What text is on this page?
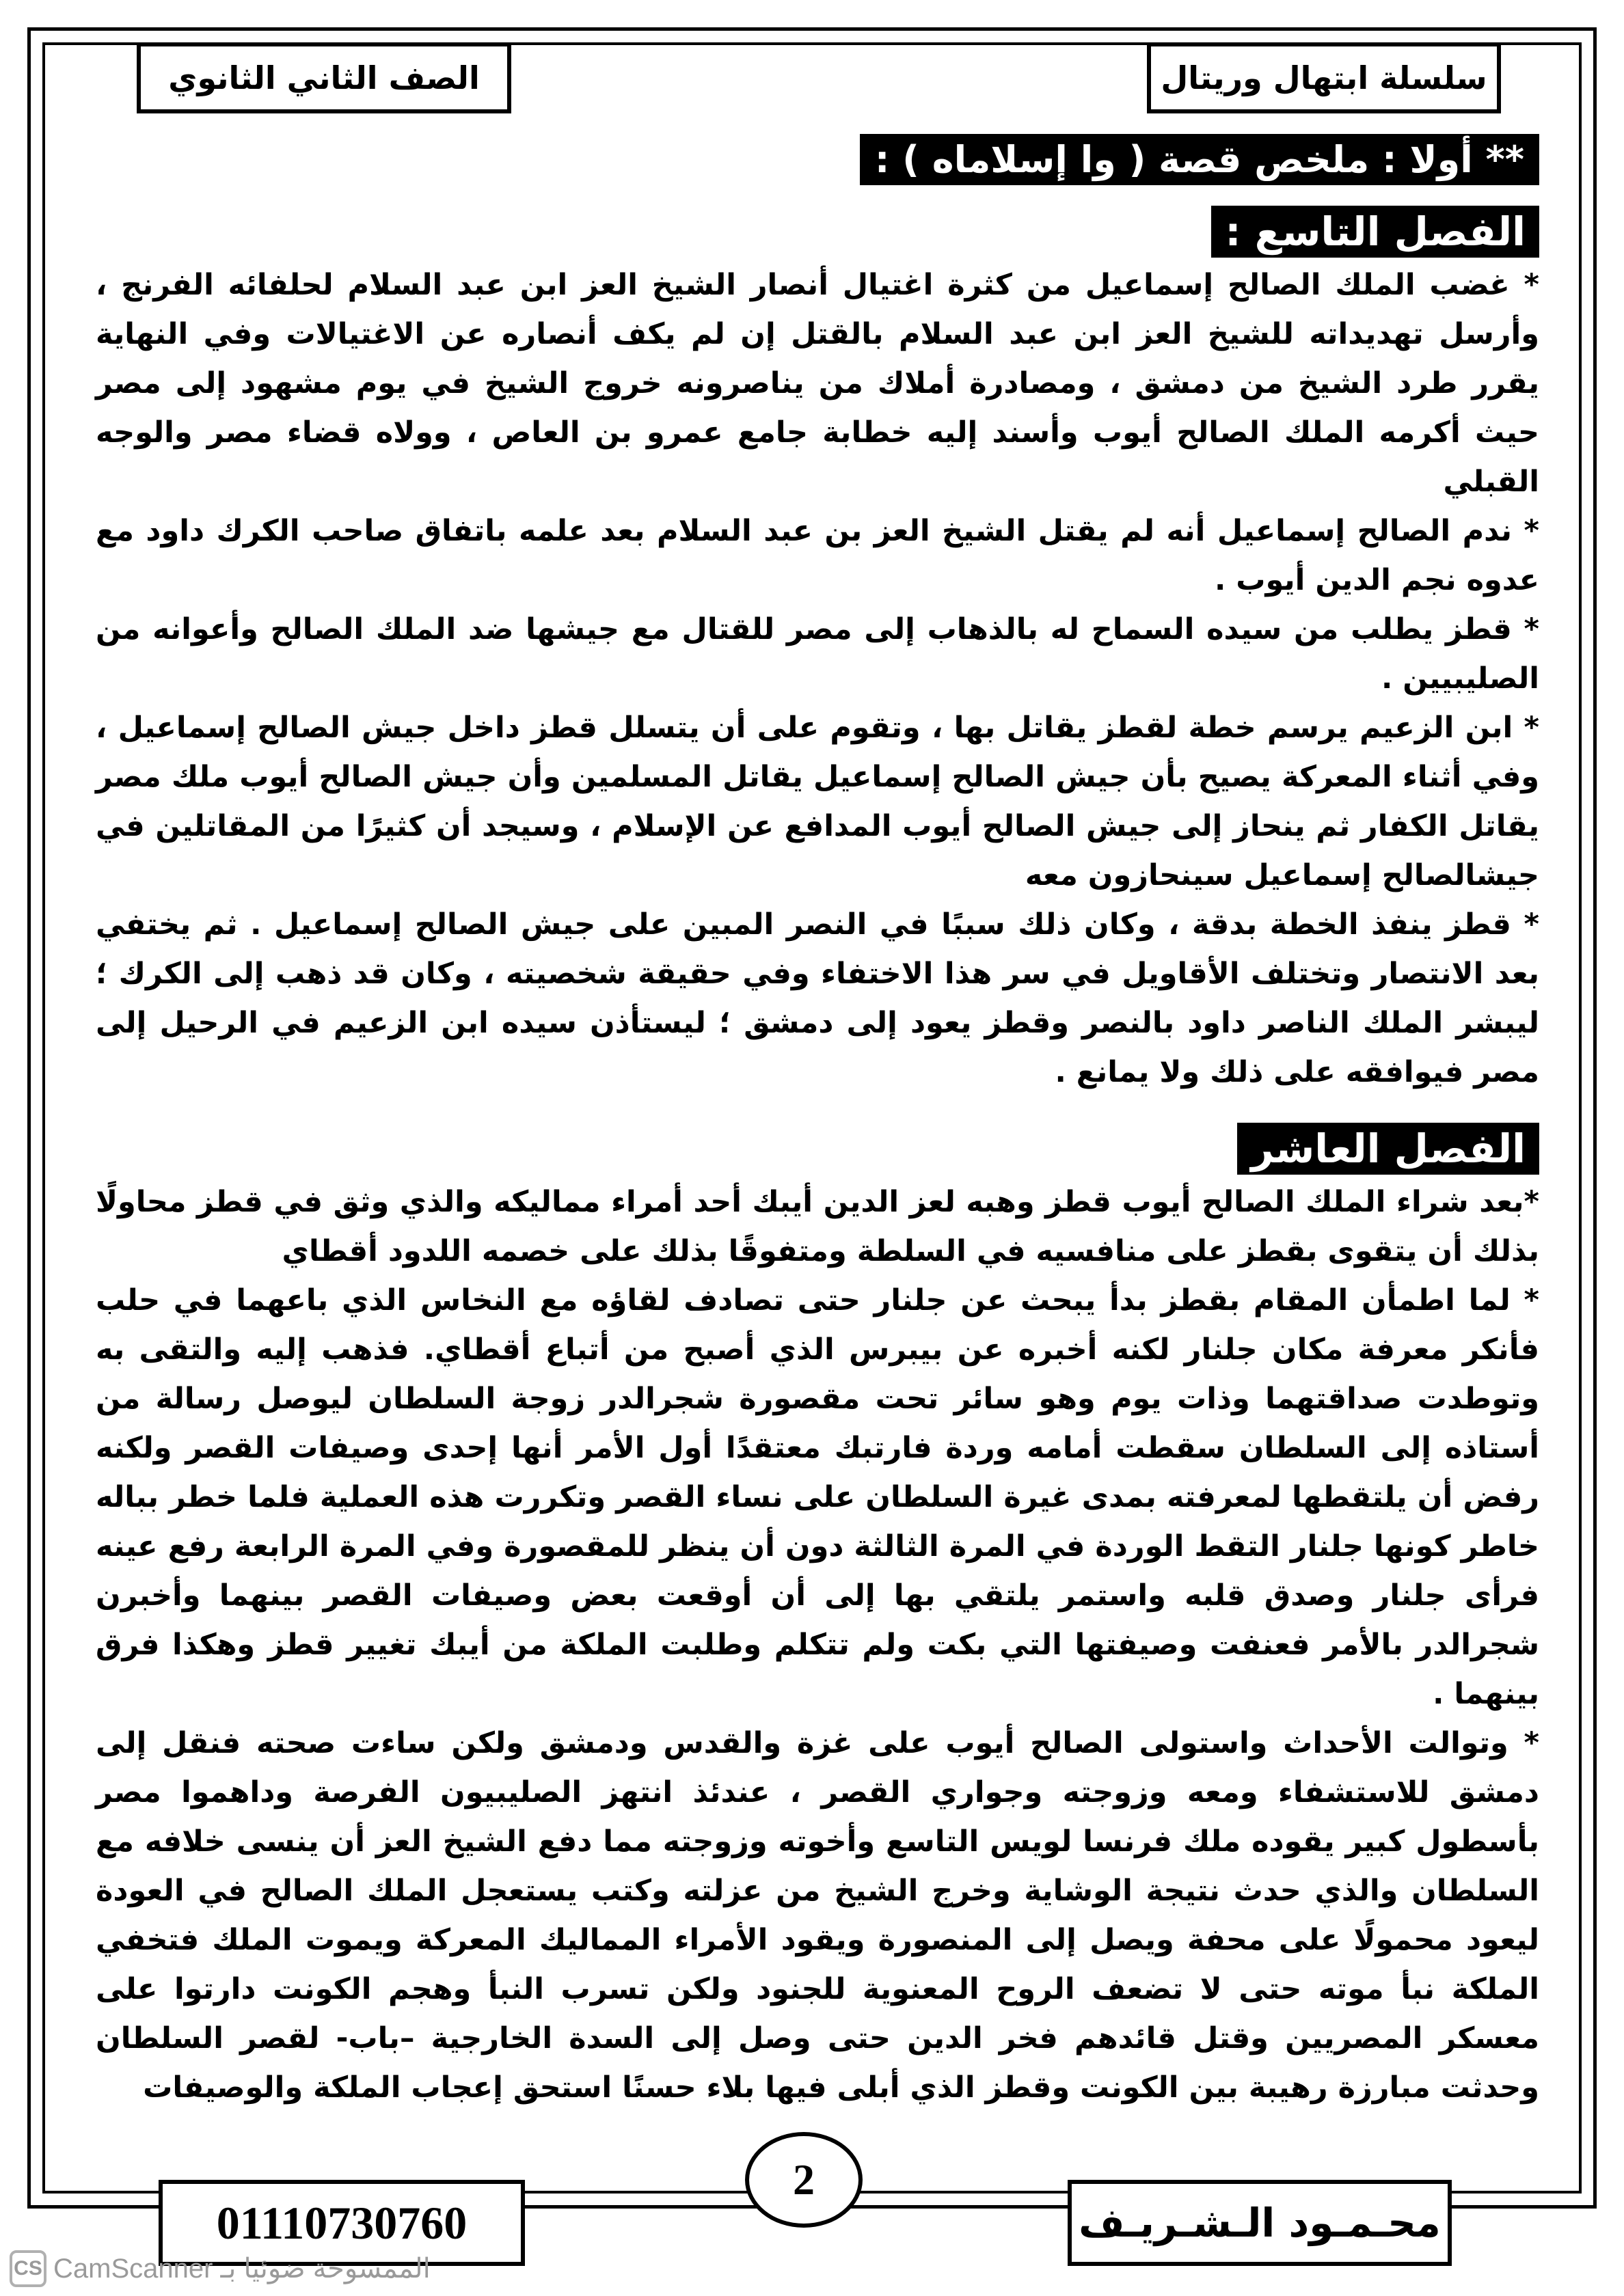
سلسلة ابتهال وريتال
الصف الثاني الثانوي
** أولا : ملخص قصة ( وا إسلاماه ) :
الفصل التاسع :

* غضب الملك الصالح إسماعيل من كثرة اغتيال أنصار الشيخ العز ابن عبد السلام لحلفائه الفرنج ، وأرسل تهديداته للشيخ العز ابن عبد السلام بالقتل إن لم يكف أنصاره عن الاغتيالات وفي النهاية يقرر طرد الشيخ من دمشق ، ومصادرة أملاك من يناصرونه خروج الشيخ في يوم مشهود إلى مصر حيث أكرمه الملك الصالح أيوب وأسند إليه خطابة جامع عمرو بن العاص ، وولاه قضاء مصر والوجه القبلي

* ندم الصالح إسماعيل أنه لم يقتل الشيخ العز بن عبد السلام بعد علمه باتفاق صاحب الكرك داود مع عدوه نجم الدين أيوب .

* قطز يطلب من سيده السماح له بالذهاب إلى مصر للقتال مع جيشها ضد الملك الصالح وأعوانه من الصليبيين .

* ابن الزعيم يرسم خطة لقطز يقاتل بها ، وتقوم على أن يتسلل قطز داخل جيش الصالح إسماعيل ، وفي أثناء المعركة يصيح بأن جيش الصالح إسماعيل يقاتل المسلمين وأن جيش الصالح أيوب ملك مصر يقاتل الكفار ثم ينحاز إلى جيش الصالح أيوب المدافع عن الإسلام ، وسيجد أن كثيرًا من المقاتلين في جيشالصالح إسماعيل سينحازون معه

* قطز ينفذ الخطة بدقة ، وكان ذلك سببًا في النصر المبين على جيش الصالح إسماعيل . ثم يختفي بعد الانتصار وتختلف الأقاويل في سر هذا الاختفاء وفي حقيقة شخصيته ، وكان قد ذهب إلى الكرك ؛ ليبشر الملك الناصر داود بالنصر وقطز يعود إلى دمشق ؛ ليستأذن سيده ابن الزعيم في الرحيل إلى مصر فيوافقه على ذلك ولا يمانع .

الفصل العاشر

*بعد شراء الملك الصالح أيوب قطز وهبه لعز الدين أيبك أحد أمراء مماليكه والذي وثق في قطز محاولًا بذلك أن يتقوى بقطز على منافسيه في السلطة ومتفوقًا بذلك على خصمه اللدود أقطاي

* لما اطمأن المقام بقطز بدأ يبحث عن جلنار حتى تصادف لقاؤه مع النخاس الذي باعهما في حلب فأنكر معرفة مكان جلنار لكنه أخبره عن بيبرس الذي أصبح من أتباع أقطاي. فذهب إليه والتقى به وتوطدت صداقتهما وذات يوم وهو سائر تحت مقصورة شجرالدر زوجة السلطان ليوصل رسالة من أستاذه إلى السلطان سقطت أمامه وردة فارتبك معتقدًا أول الأمر أنها إحدى وصيفات القصر ولكنه رفض أن يلتقطها لمعرفته بمدى غيرة السلطان على نساء القصر وتكررت هذه العملية فلما خطر بباله خاطر كونها جلنار التقط الوردة في المرة الثالثة دون أن ينظر للمقصورة وفي المرة الرابعة رفع عينه فرأى جلنار وصدق قلبه واستمر يلتقي بها إلى أن أوقعت بعض وصيفات القصر بينهما وأخبرن شجرالدر بالأمر فعنفت وصيفتها التي بكت ولم تتكلم وطلبت الملكة من أيبك تغيير قطز وهكذا فرق بينهما .

* وتوالت الأحداث واستولى الصالح أيوب على غزة والقدس ودمشق ولكن ساءت صحته فنقل إلى دمشق للاستشفاء ومعه وزوجته وجواري القصر ، عندئذ انتهز الصليبيون الفرصة وداهموا مصر بأسطول كبير يقوده ملك فرنسا لويس التاسع وأخوته وزوجته مما دفع الشيخ العز أن ينسى خلافه مع السلطان والذي حدث نتيجة الوشاية وخرج الشيخ من عزلته وكتب يستعجل الملك الصالح في العودة ليعود محمولًا على محفة ويصل إلى المنصورة ويقود الأمراء المماليك المعركة ويموت الملك فتخفي الملكة نبأ موته حتى لا تضعف الروح المعنوية للجنود ولكن تسرب النبأ وهجم الكونت دارتوا على معسكر المصريين وقتل قائدهم فخر الدين حتى وصل إلى السدة الخارجية –باب- لقصر السلطان وحدثت مبارزة رهيبة بين الكونت وقطز الذي أبلى فيها بلاء حسنًا استحق إعجاب الملكة والوصيفات

محـمـود الـشـريـف
2
01110730760
CS الممسوحة ضوئيا بـ CamScanner
